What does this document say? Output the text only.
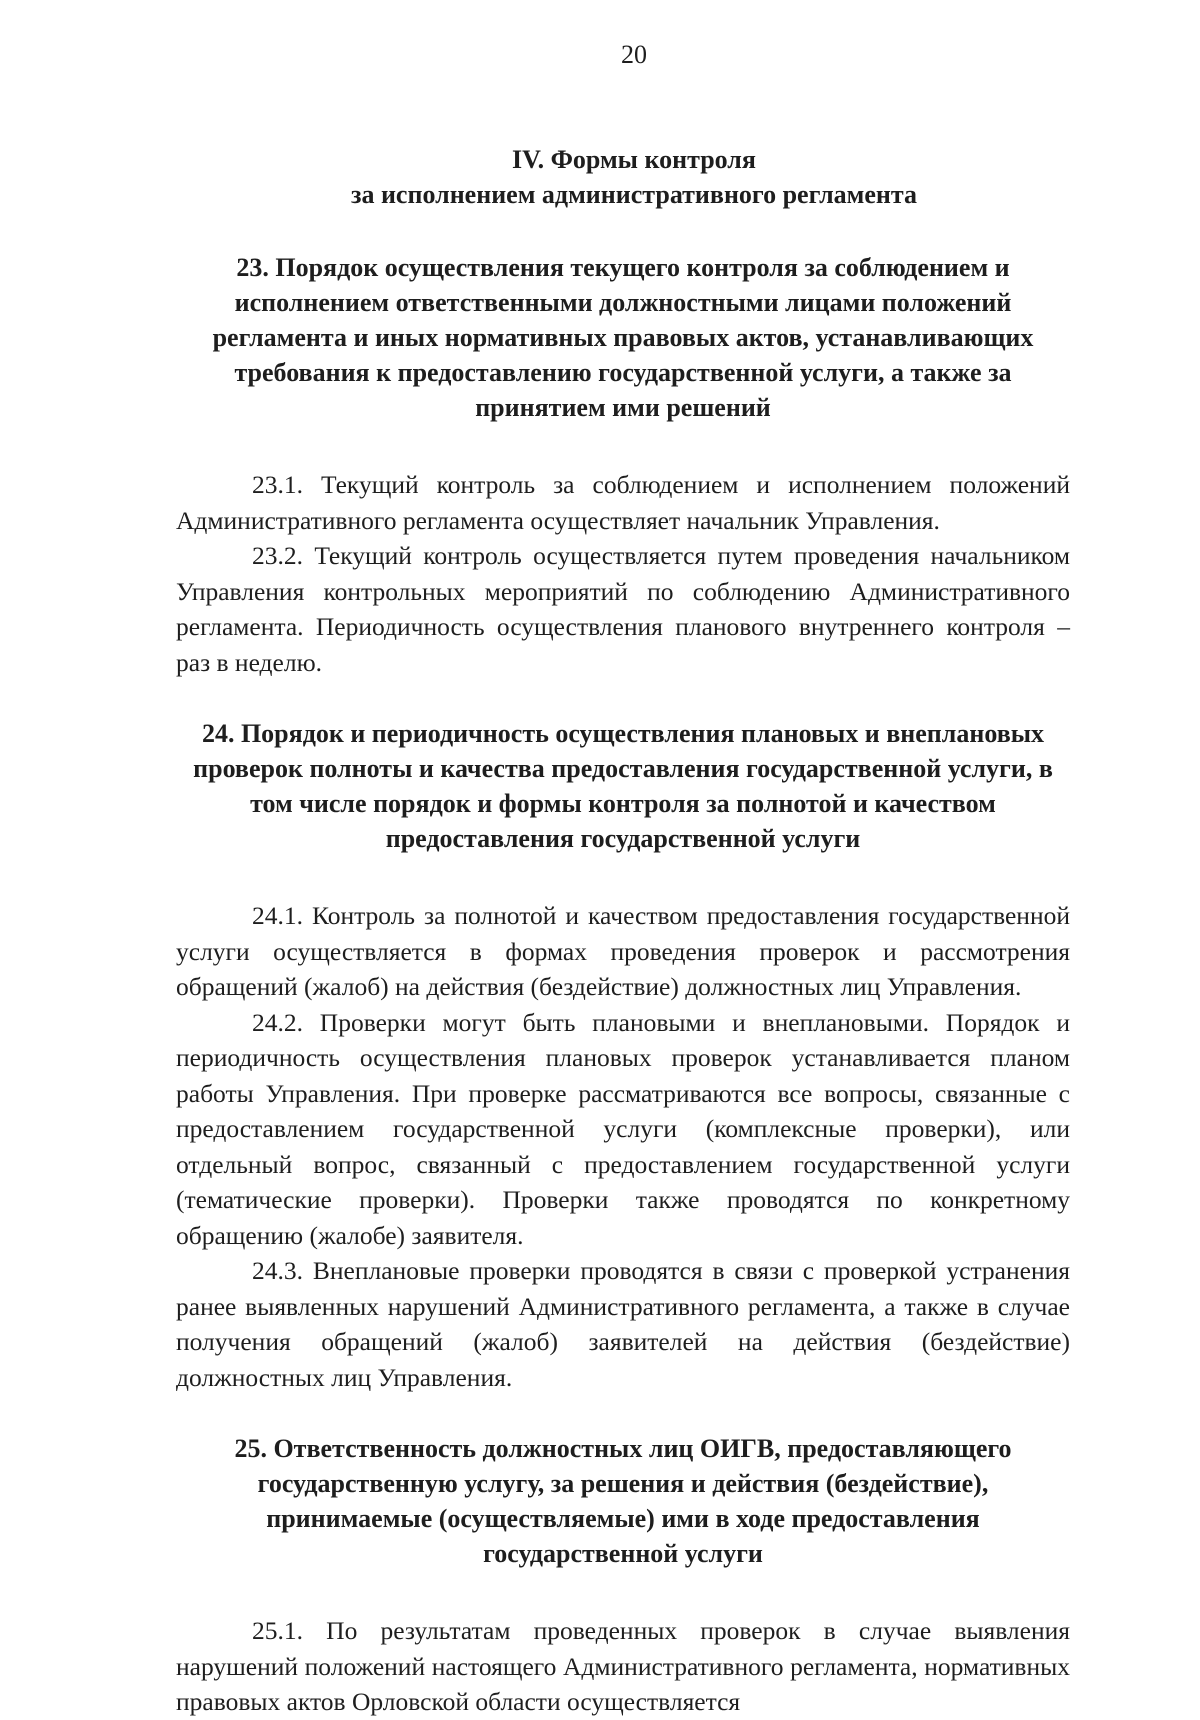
20
IV. Формы контроля
за исполнением административного регламента
23. Порядок осуществления текущего контроля за соблюдением и
исполнением ответственными должностными лицами положений
регламента и иных нормативных правовых актов, устанавливающих
требования к предоставлению государственной услуги, а также за
принятием ими решений

23.1. Текущий контроль за соблюдением и исполнением положений Административного регламента осуществляет начальник Управления.

23.2. Текущий контроль осуществляется путем проведения начальником Управления контрольных мероприятий по соблюдению Административного регламента. Периодичность осуществления планового внутреннего контроля – раз в неделю.

24. Порядок и периодичность осуществления плановых и внеплановых
проверок полноты и качества предоставления государственной услуги, в
том числе порядок и формы контроля за полнотой и качеством
предоставления государственной услуги

24.1. Контроль за полнотой и качеством предоставления государственной услуги осуществляется в формах проведения проверок и рассмотрения обращений (жалоб) на действия (бездействие) должностных лиц Управления.

24.2. Проверки могут быть плановыми и внеплановыми. Порядок и периодичность осуществления плановых проверок устанавливается планом работы Управления. При проверке рассматриваются все вопросы, связанные с предоставлением государственной услуги (комплексные проверки), или отдельный вопрос, связанный с предоставлением государственной услуги (тематические проверки). Проверки также проводятся по конкретному обращению (жалобе) заявителя.

24.3. Внеплановые проверки проводятся в связи с проверкой устранения ранее выявленных нарушений Административного регламента, а также в случае получения обращений (жалоб) заявителей на действия (бездействие) должностных лиц Управления.

25. Ответственность должностных лиц ОИГВ, предоставляющего
государственную услугу, за решения и действия (бездействие),
принимаемые (осуществляемые) ими в ходе предоставления
государственной услуги

25.1. По результатам проведенных проверок в случае выявления нарушений положений настоящего Административного регламента, нормативных правовых актов Орловской области осуществляется
